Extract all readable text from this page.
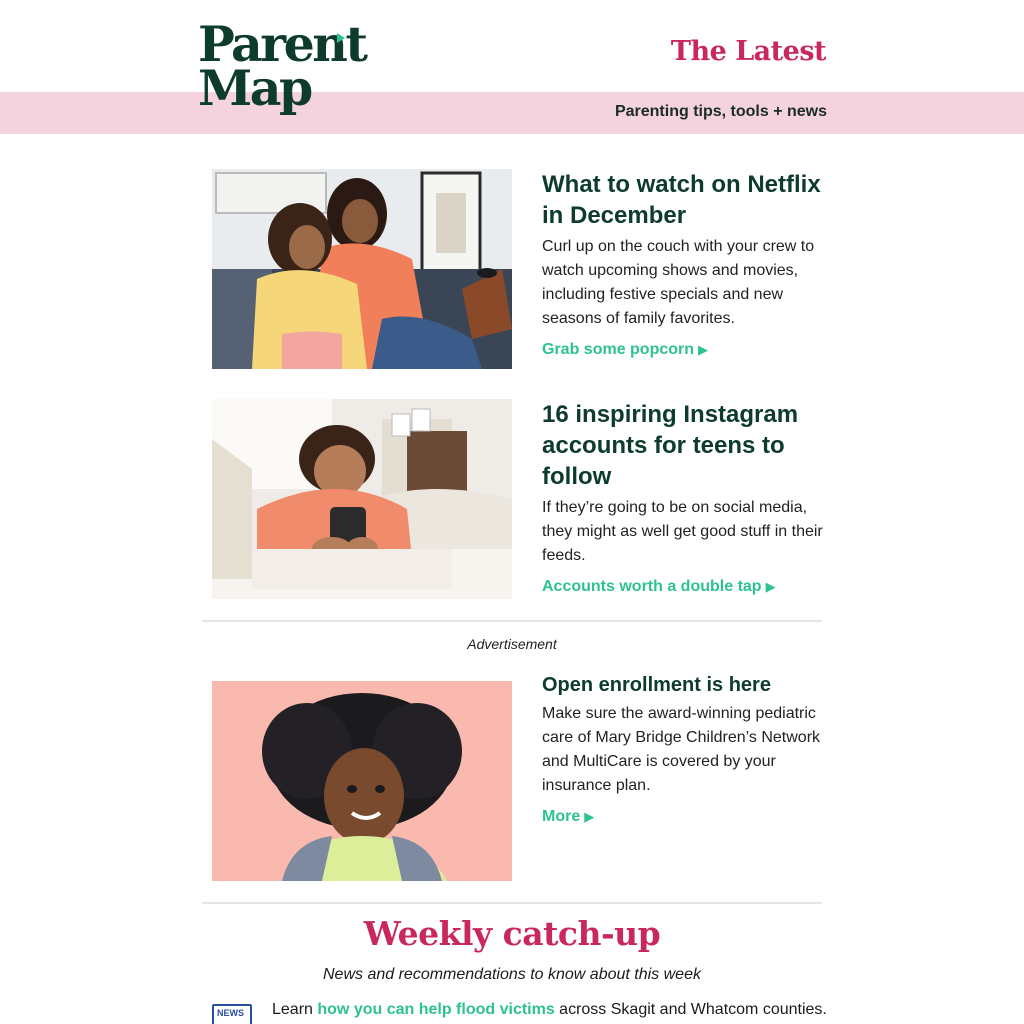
Parent
Map
The Latest
Parenting tips, tools + news
What to watch on Netflix in December
Curl up on the couch with your crew to watch upcoming shows and movies, including festive specials and new seasons of family favorites.
Grab some popcorn ▶
16 inspiring Instagram accounts for teens to follow
If they’re going to be on social media, they might as well get good stuff in their feeds.
Accounts worth a double tap ▶
Advertisement
Open enrollment is here
Make sure the award-winning pediatric care of Mary Bridge Children’s Network and MultiCare is covered by your insurance plan.
More ▶
Weekly catch-up
News and recommendations to know about this week
NEWS Learn how you can help flood victims across Skagit and Whatcom counties.
